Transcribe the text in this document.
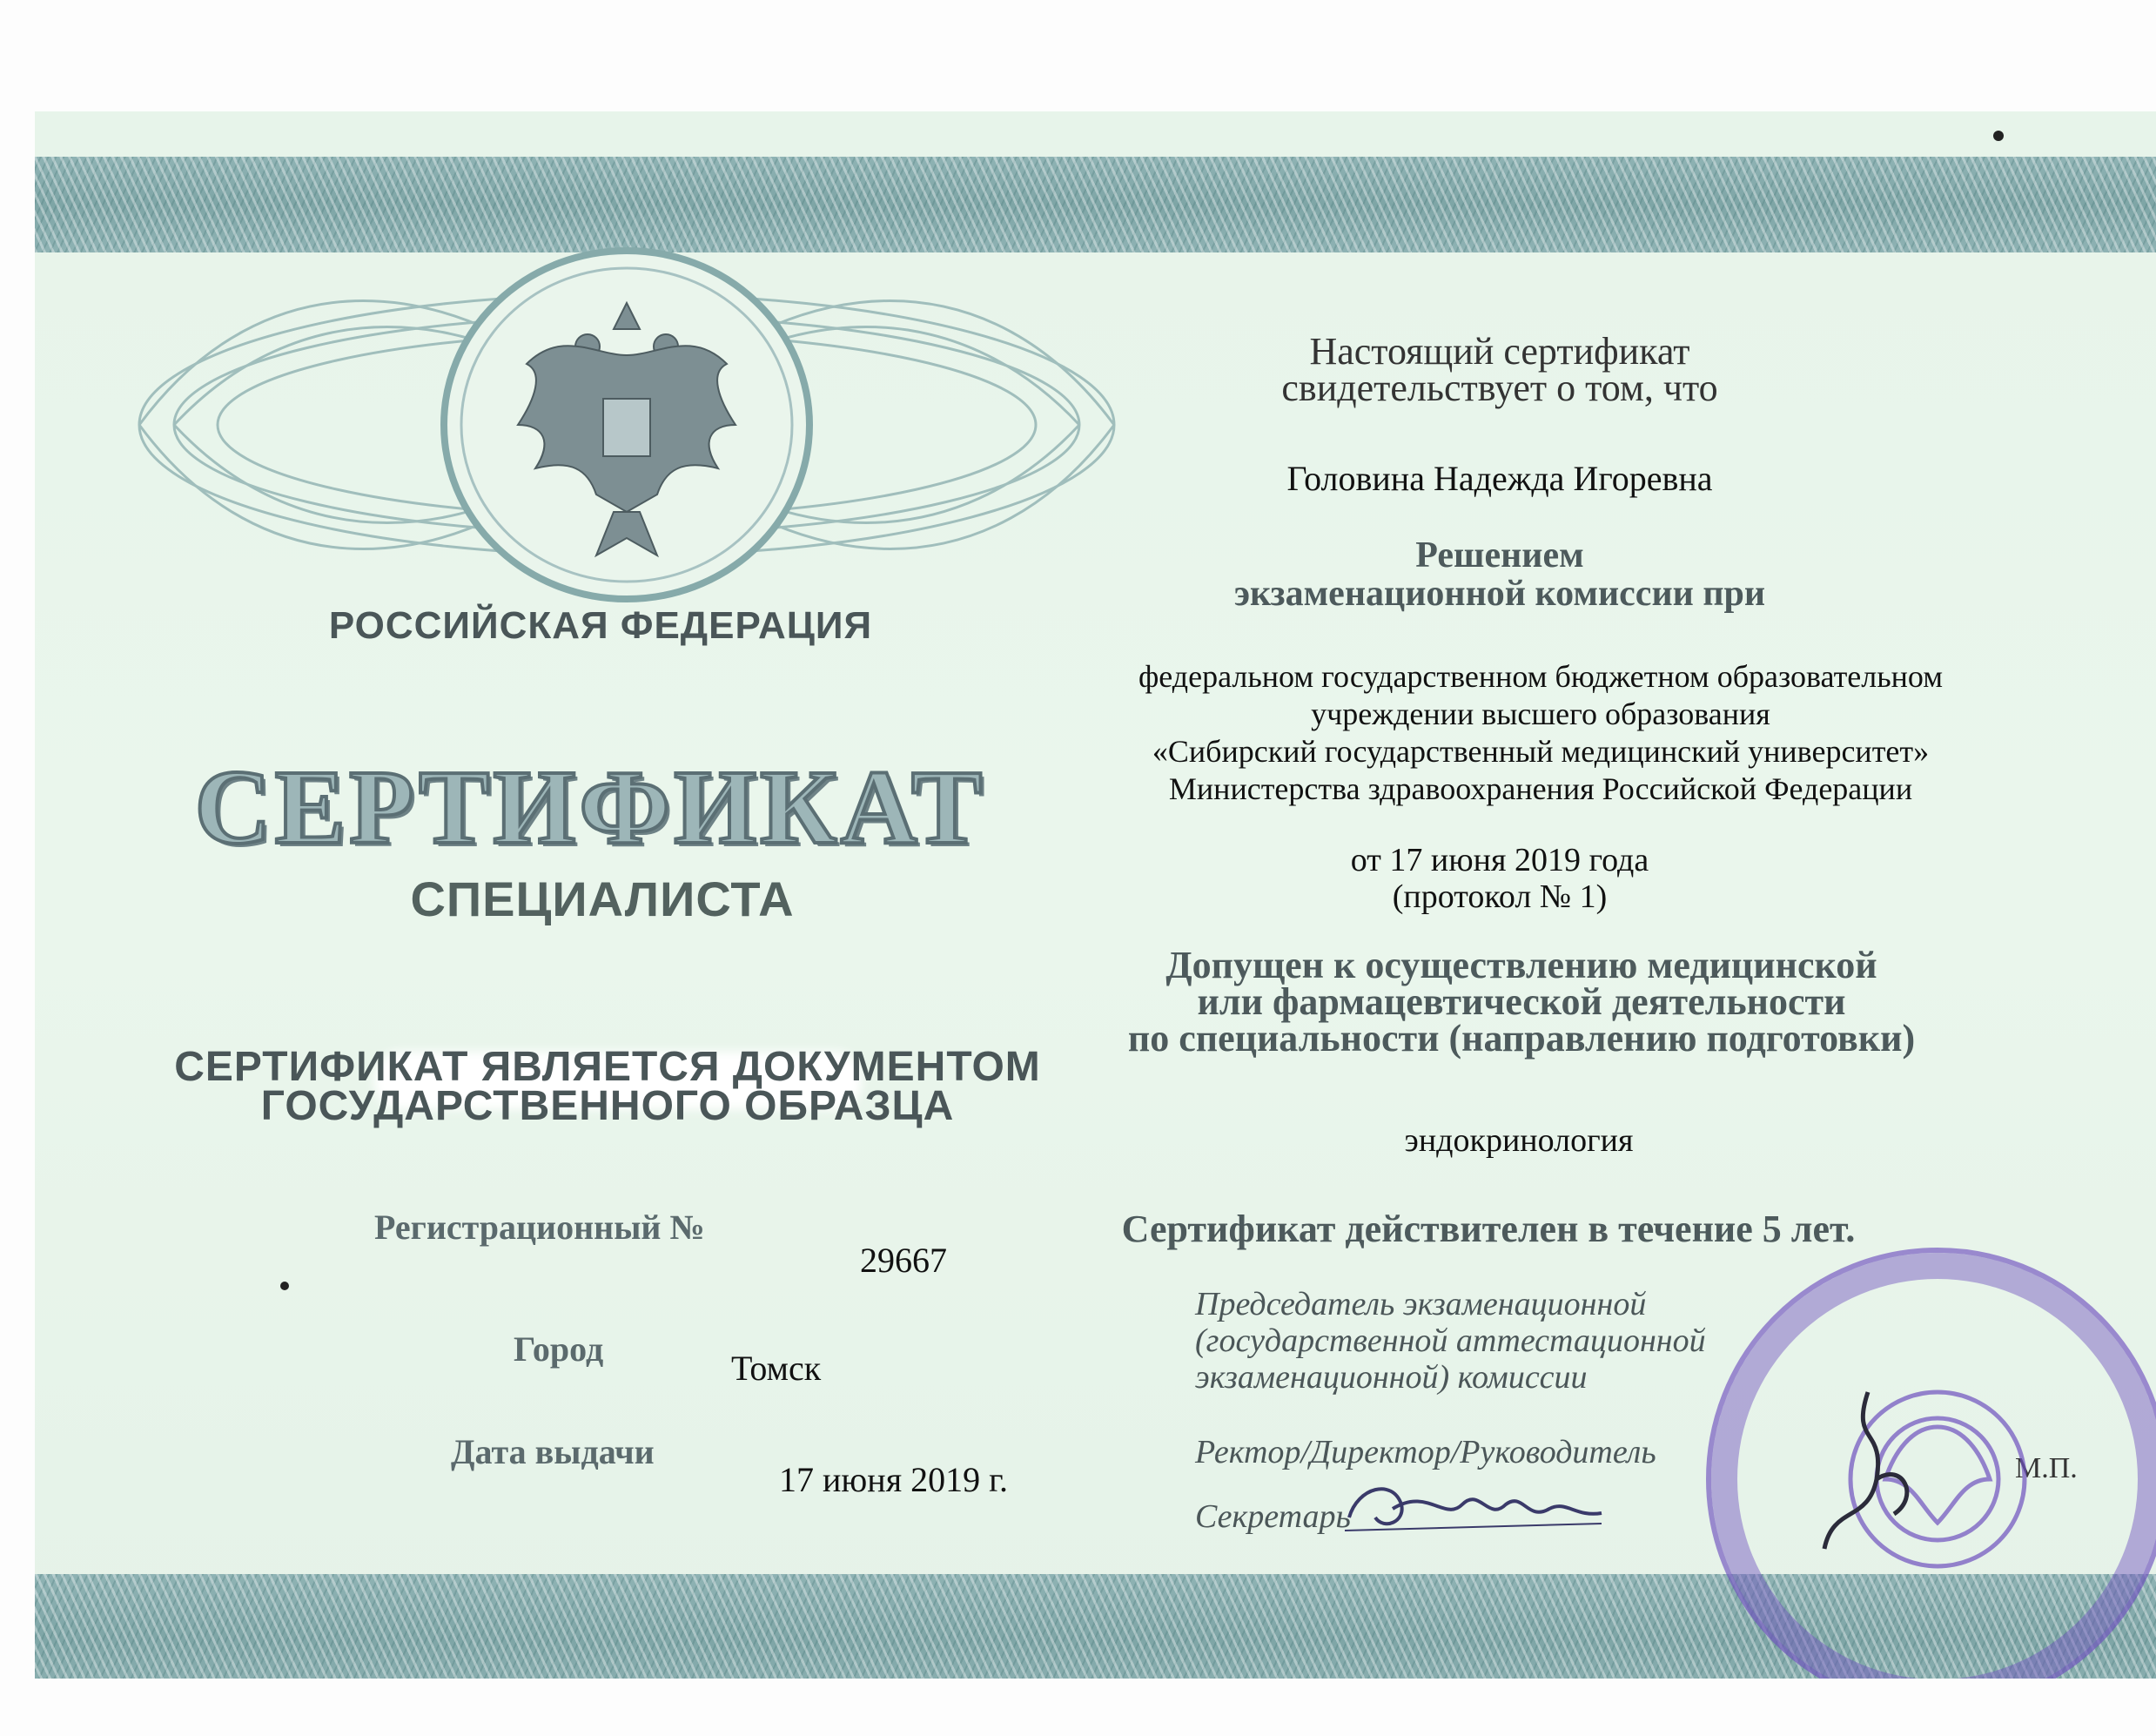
РОССИЙСКАЯ ФЕДЕРАЦИЯ
СЕРТИФИКАТ
СПЕЦИАЛИСТА
СЕРТИФИКАТ ЯВЛЯЕТСЯ ДОКУМЕНТОМ
ГОСУДАРСТВЕННОГО ОБРАЗЦА
Регистрационный №
29667
Город	Томск
Дата выдачи
17 июня 2019 г.
Настоящий сертификат
свидетельствует о том, что
Головина Надежда Игоревна
Решением
экзаменационной комиссии при
федеральном государственном бюджетном образовательном
учреждении высшего образования
«Сибирский государственный медицинский университет»
Министерства здравоохранения Российской Федерации
от 17 июня 2019 года
(протокол № 1)
Допущен к осуществлению медицинской
или фармацевтической деятельности
по специальности (направлению подготовки)
эндокринология
Сертификат действителен в течение 5 лет.
Председатель экзаменационной
(государственной аттестационной
экзаменационной) комиссии
Ректор/Директор/Руководитель	М.П.
Секретарь
